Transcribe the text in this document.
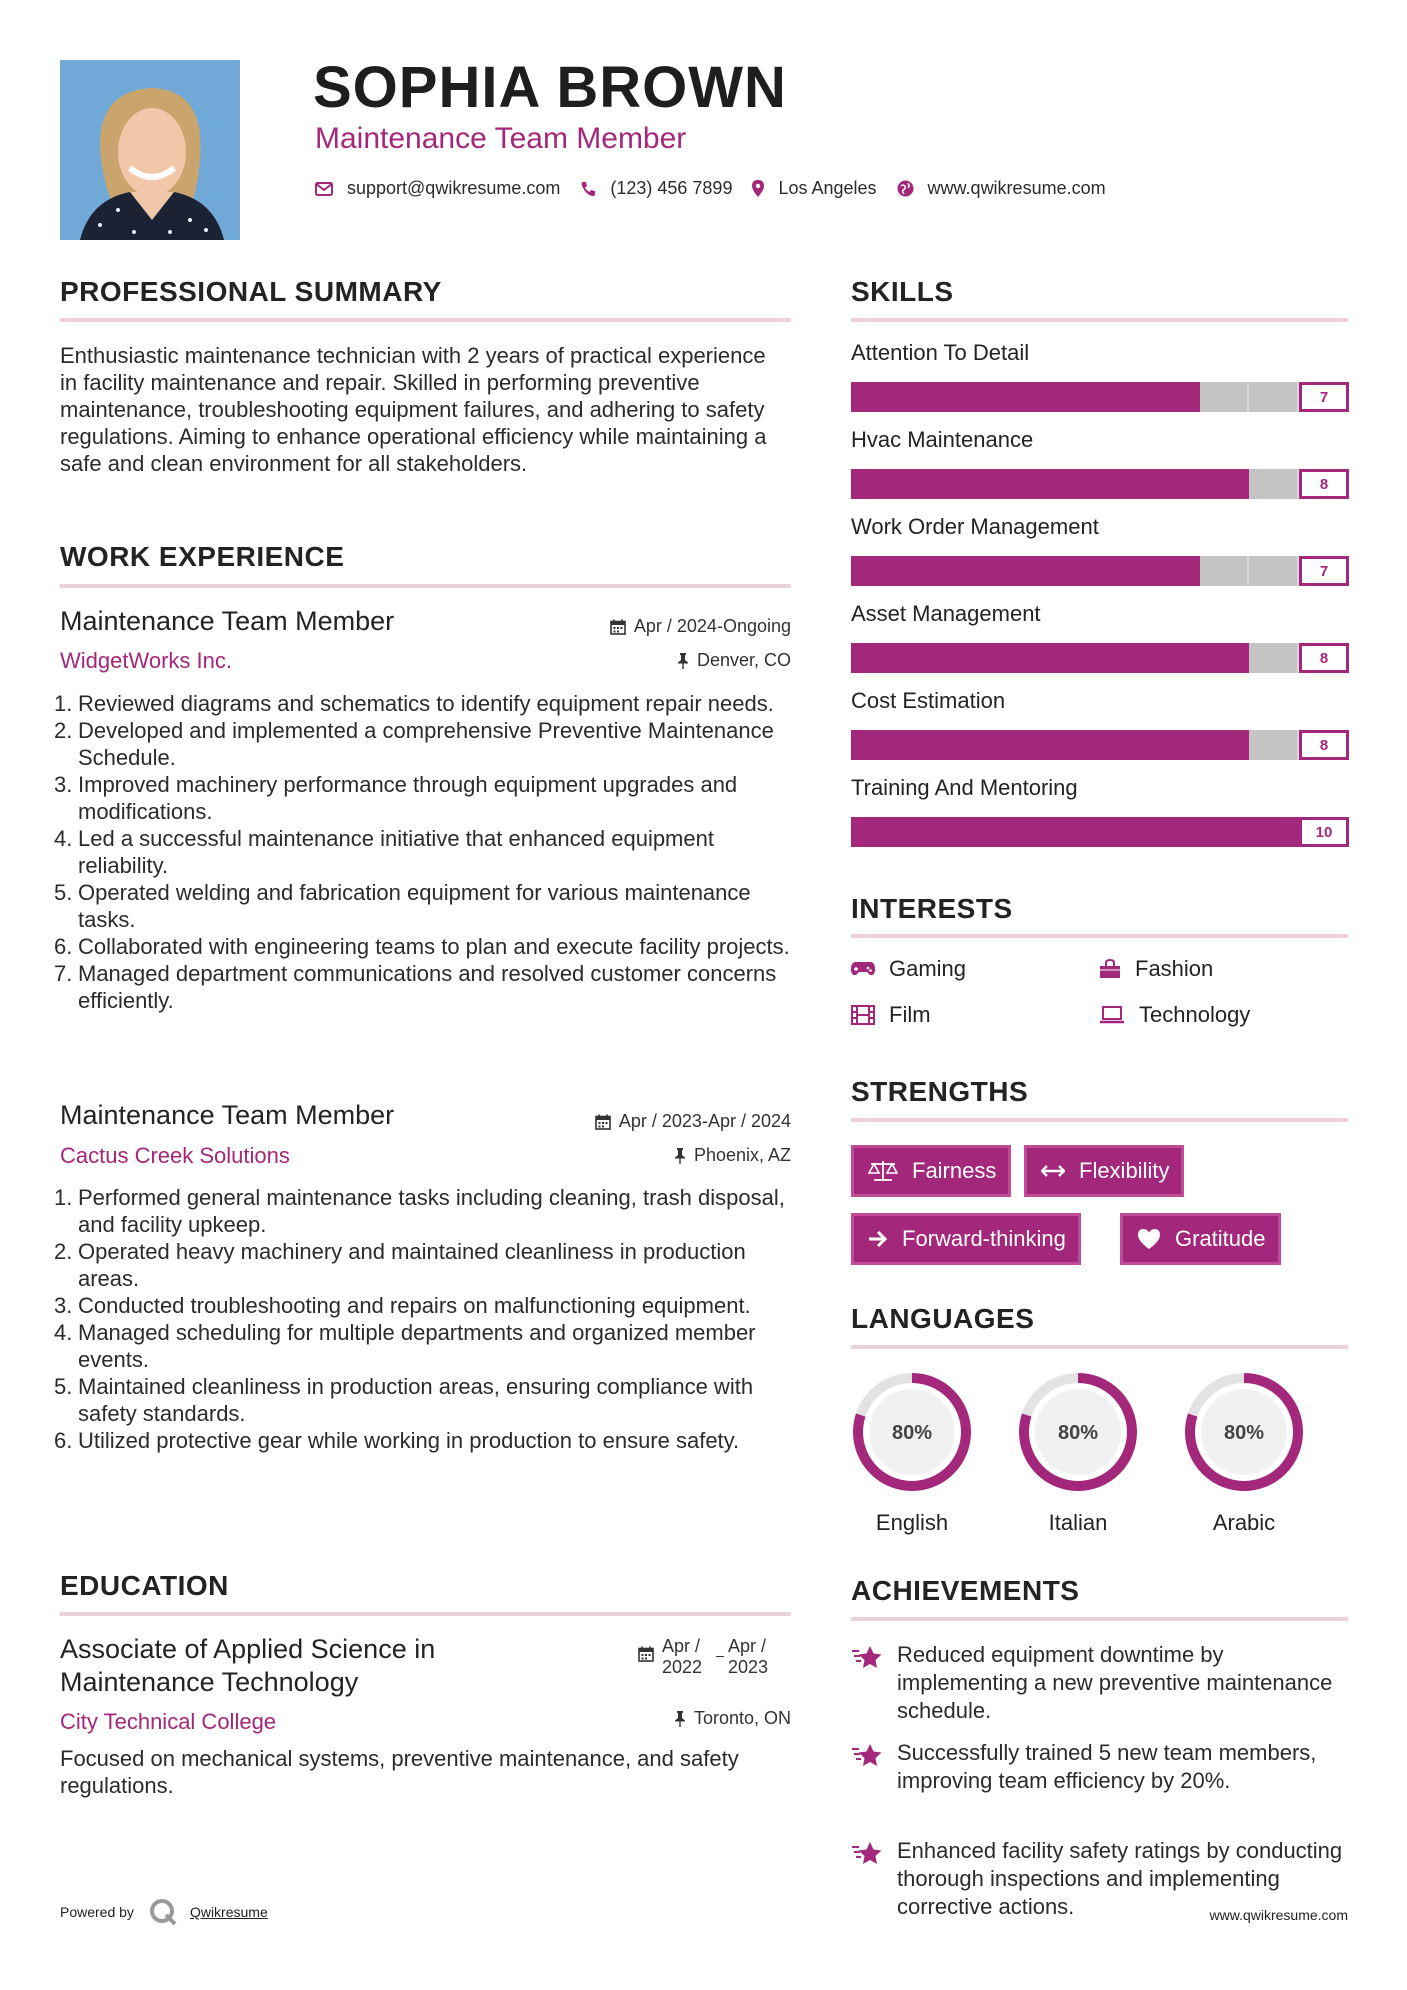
SOPHIA BROWN
Maintenance Team Member
support@qwikresume.com	(123) 456 7899	Los Angeles	www.qwikresume.com
PROFESSIONAL SUMMARY
Enthusiastic maintenance technician with 2 years of practical experience in facility maintenance and repair. Skilled in performing preventive maintenance, troubleshooting equipment failures, and adhering to safety regulations. Aiming to enhance operational efficiency while maintaining a safe and clean environment for all stakeholders.
WORK EXPERIENCE
Maintenance Team Member	Apr / 2024-Ongoing
WidgetWorks Inc.	Denver, CO
1. Reviewed diagrams and schematics to identify equipment repair needs.
2. Developed and implemented a comprehensive Preventive Maintenance Schedule.
3. Improved machinery performance through equipment upgrades and modifications.
4. Led a successful maintenance initiative that enhanced equipment reliability.
5. Operated welding and fabrication equipment for various maintenance tasks.
6. Collaborated with engineering teams to plan and execute facility projects.
7. Managed department communications and resolved customer concerns efficiently.
Maintenance Team Member	Apr / 2023-Apr / 2024
Cactus Creek Solutions	Phoenix, AZ
1. Performed general maintenance tasks including cleaning, trash disposal, and facility upkeep.
2. Operated heavy machinery and maintained cleanliness in production areas.
3. Conducted troubleshooting and repairs on malfunctioning equipment.
4. Managed scheduling for multiple departments and organized member events.
5. Maintained cleanliness in production areas, ensuring compliance with safety standards.
6. Utilized protective gear while working in production to ensure safety.
EDUCATION
Associate of Applied Science in
Maintenance Technology
Apr / 2022
Apr / 2023
City Technical College	Toronto, ON
Focused on mechanical systems, preventive maintenance, and safety regulations.
Powered by	Qwikresume
SKILLS
Attention To Detail
7
Hvac Maintenance
8
Work Order Management
7
Asset Management
8
Cost Estimation
8
Training And Mentoring
10
INTERESTS
Gaming	Fashion
Film	Technology
STRENGTHS
Fairness	Flexibility
Forward-thinking	Gratitude
LANGUAGES
80%
English
80%
Italian
80%
Arabic
ACHIEVEMENTS
Reduced equipment downtime by implementing a new preventive maintenance schedule.
Successfully trained 5 new team members, improving team efficiency by 20%.
Enhanced facility safety ratings by conducting thorough inspections and implementing corrective actions.	www.qwikresume.com
